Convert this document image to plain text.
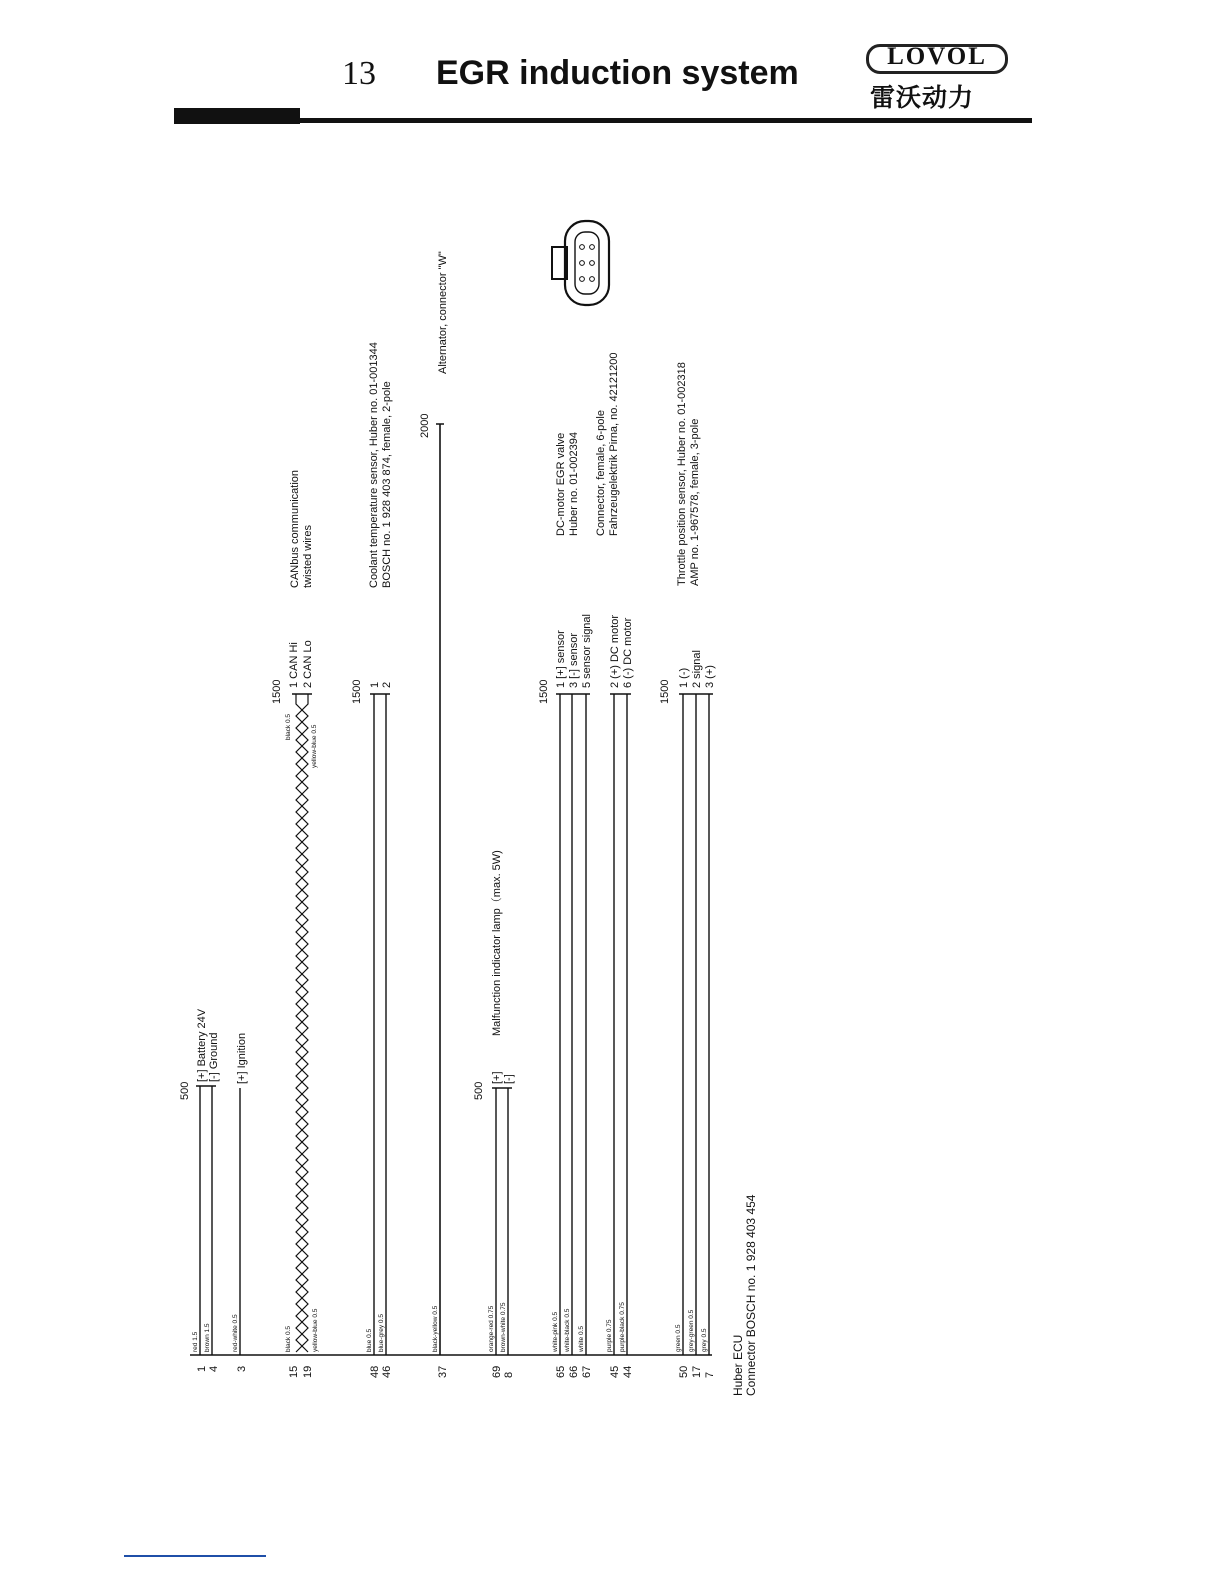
13 EGR induction system	LOVOL
雷沃动力
Huber ECU Connector BOSCH no. 1 928 403 454
500
1 4
red 1.5 brown 1.5
[+] Battery 24V [-] Ground
3
red-white 0.5
[+] Ignition
1500
15 19
black 0.5	yellow-blue 0.5
black 0.5	yellow-blue 0.5
1 CAN Hi 2 CAN Lo
CANbus communication twisted wires
1500
48 46
blue 0.5 blue-grey 0.5
1 2
Coolant temperature sensor, Huber no. 01-001344 BOSCH no. 1 928 403 874, female, 2-pole 2000
37
black-yellow 0.5
Alternator, connector "W"
500
69 8
orange-red 0.75 brown-white 0.75
[+] [-]
Malfunction indicator lamp（max. 5W)
1500
65 66 67 45 44
white-pink 0.5 white-black 0.5 white 0.5	purple 0.75 purple-black 0.75
1 [+] sensor 3 [-] sensor 5 sensor signal 2 (+) DC motor 6 (-) DC motor
DC-motor EGR valve Huber no. 01-002394 Connector, female, 6-pole Fahrzeugelektrik Pirna, no. 42121200
1500
50 17 7
green 0.5 grey-green 0.5 grey 0.5
1 (-) 2 signal 3 (+)
Throttle position sensor, Huber no. 01-002318 AMP no. 1-967578, female, 3-pole
